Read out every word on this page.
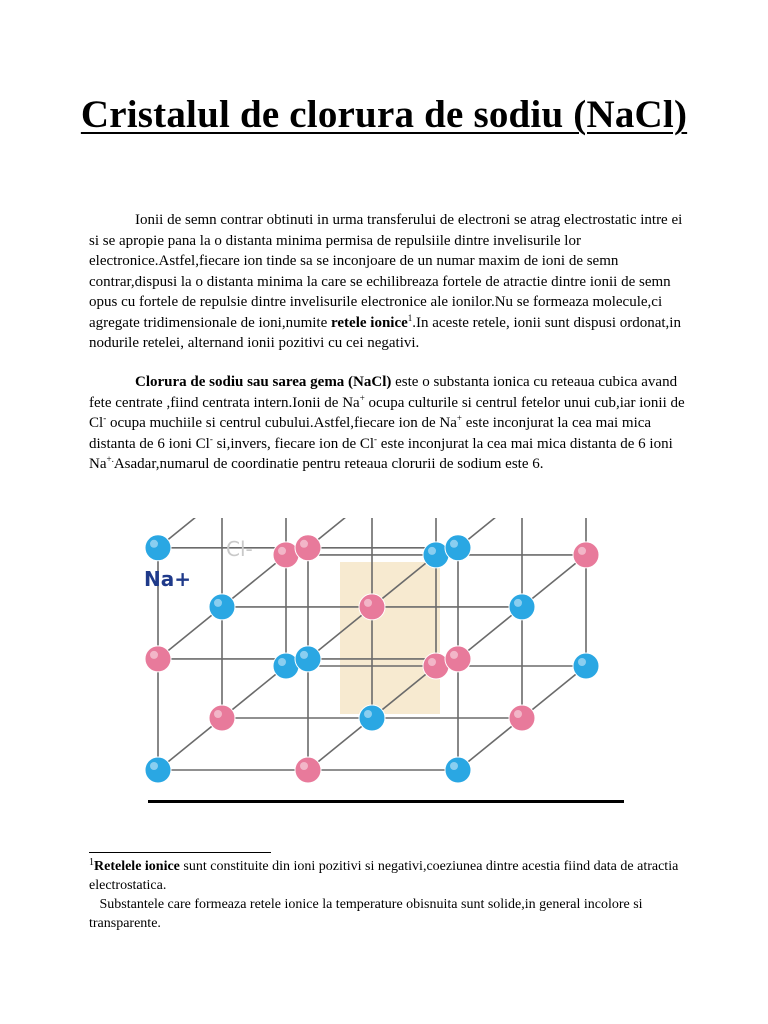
Cristalul de clorura de sodiu (NaCl)
Ionii de semn contrar obtinuti in urma transferului de electroni se atrag electrostatic intre ei si se apropie pana la o distanta minima permisa de repulsiile dintre invelisurile lor electronice.Astfel,fiecare ion tinde sa se inconjoare de un numar maxim de ioni de semn contrar,dispusi la o distanta minima la care se echilibreaza fortele de atractie dintre ionii de semn opus cu fortele de repulsie dintre invelisurile electronice ale ionilor.Nu se formeaza molecule,ci agregate tridimensionale de ioni,numite retele ionice$^1$.In aceste retele, ionii sunt dispusi ordonat,in nodurile retelei, alternand ionii pozitivi cu cei negativi.
Clorura de sodiu sau sarea gema (NaCl) este o substanta ionica cu reteaua cubica avand fete centrate ,fiind centrata intern.Ionii de Na+ ocupa culturile si centrul fetelor unui cub,iar ionii de Cl- ocupa muchiile si centrul cubului.Astfel,fiecare ion de Na+ este inconjurat la cea mai mica distanta de 6 ioni Cl- si,invers, fiecare ion de Cl- este inconjurat la cea mai mica distanta de 6 ioni Na+.Asadar,numarul de coordinatie pentru reteaua clorurii de sodium este 6.
Cl-
Na+
$^1$Retelele ionice sunt constituite din ioni pozitivi si negativi,coeziunea dintre acestia fiind data de atractia electrostatica.
Substantele care formeaza retele ionice la temperature obisnuita sunt solide,in general incolore si transparente.
